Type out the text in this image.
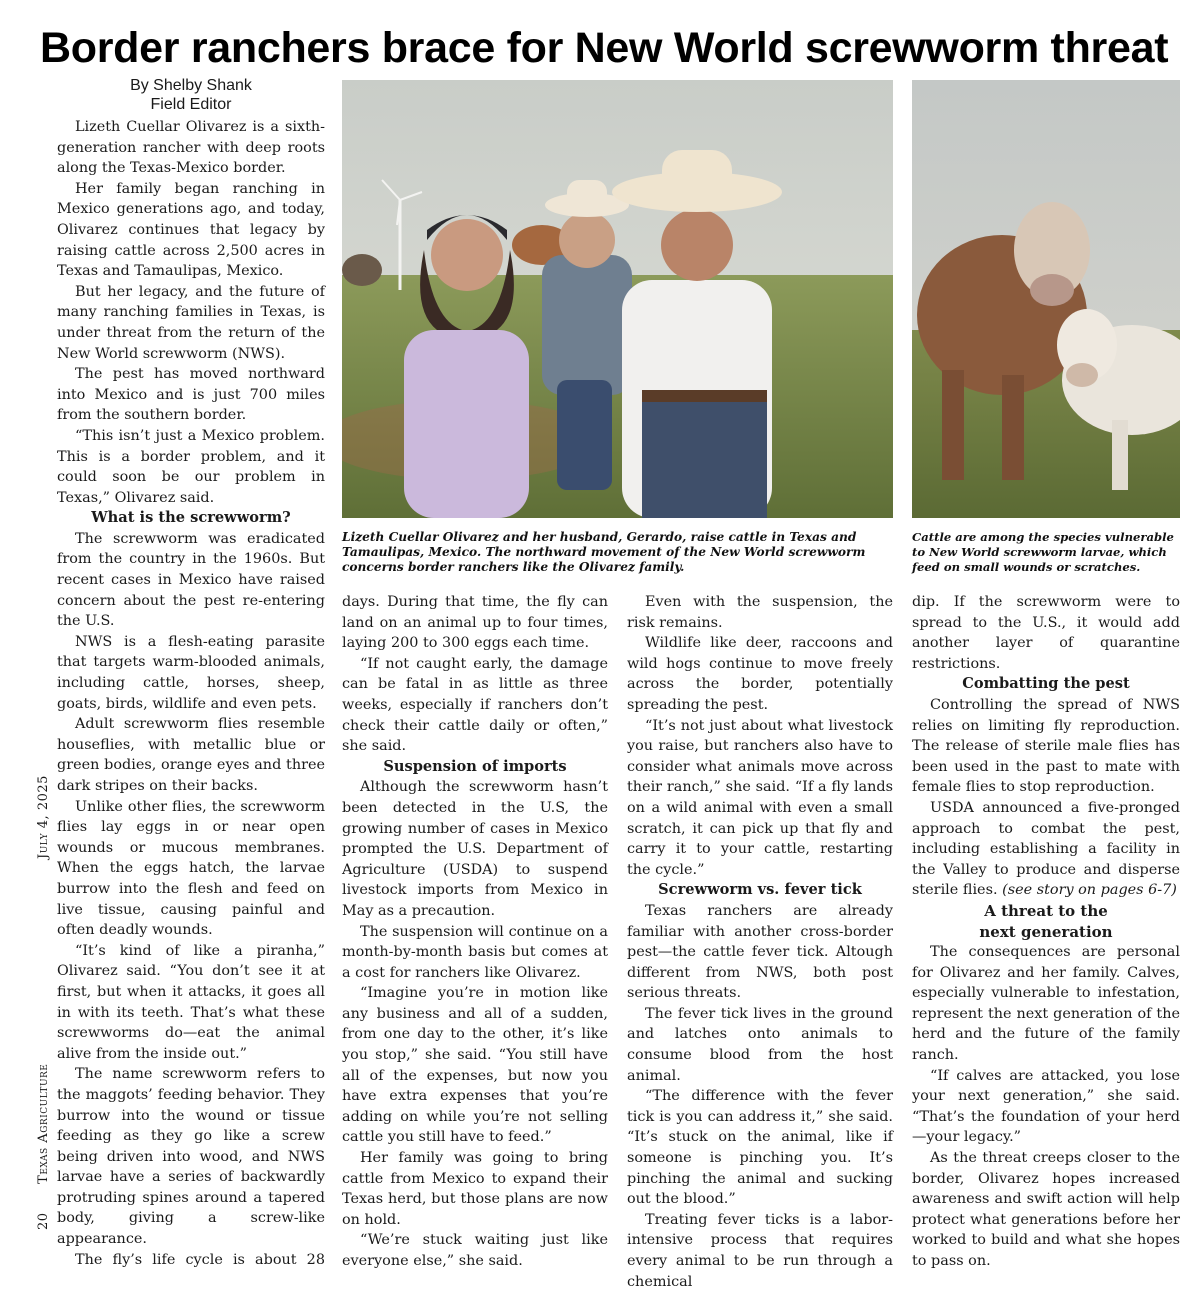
Border ranchers brace for New World screwworm threat
By Shelby Shank
Field Editor
Lizeth Cuellar Olivarez and her husband, Gerardo, raise cattle in Texas and Tamaulipas, Mexico. The northward movement of the New World screwworm concerns border ranchers like the Olivarez family.
Cattle are among the species vulnerable to New World screwworm larvae, which feed on small wounds or scratches.

Lizeth Cuellar Olivarez is a sixth-generation rancher with deep roots along the Texas-Mexico border.

Her family began ranching in Mexico generations ago, and today, Olivarez continues that legacy by raising cattle across 2,500 acres in Texas and Tamaulipas, Mexico.

But her legacy, and the future of many ranching families in Texas, is under threat from the return of the New World screwworm (NWS).

The pest has moved northward into Mexico and is just 700 miles from the southern border.

“This isn’t just a Mexico problem. This is a border problem, and it could soon be our problem in Texas,” Olivarez said.

What is the screwworm?

The screwworm was eradicated from the country in the 1960s. But recent cases in Mexico have raised concern about the pest re-entering the U.S.

NWS is a flesh-eating parasite that targets warm-blooded animals, including cattle, horses, sheep, goats, birds, wildlife and even pets.

Adult screwworm flies resemble houseflies, with metallic blue or green bodies, orange eyes and three dark stripes on their backs.

Unlike other flies, the screwworm flies lay eggs in or near open wounds or mucous membranes. When the eggs hatch, the larvae burrow into the flesh and feed on live tissue, causing painful and often deadly wounds.

“It’s kind of like a piranha,” Olivarez said. “You don’t see it at first, but when it attacks, it goes all in with its teeth. That’s what these screwworms do—eat the animal alive from the inside out.”

The name screwworm refers to the maggots’ feeding behavior. They burrow into the wound or tissue feeding as they go like a screw being driven into wood, and NWS larvae have a series of backwardly protruding spines around a tapered body, giving a screw-like appearance.

The fly’s life cycle is about 28

days. During that time, the fly can land on an animal up to four times, laying 200 to 300 eggs each time.

“If not caught early, the damage can be fatal in as little as three weeks, especially if ranchers don’t check their cattle daily or often,” she said.

Suspension of imports

Although the screwworm hasn’t been detected in the U.S, the growing number of cases in Mexico prompted the U.S. Department of Agriculture (USDA) to suspend livestock imports from Mexico in May as a precaution.

The suspension will continue on a month-by-month basis but comes at a cost for ranchers like Olivarez.

“Imagine you’re in motion like any business and all of a sudden, from one day to the other, it’s like you stop,” she said. “You still have all of the expenses, but now you have extra expenses that you’re adding on while you’re not selling cattle you still have to feed.”

Her family was going to bring cattle from Mexico to expand their Texas herd, but those plans are now on hold.

“We’re stuck waiting just like everyone else,” she said.

Even with the suspension, the risk remains.

Wildlife like deer, raccoons and wild hogs continue to move freely across the border, potentially spreading the pest.

“It’s not just about what livestock you raise, but ranchers also have to consider what animals move across their ranch,” she said. “If a fly lands on a wild animal with even a small scratch, it can pick up that fly and carry it to your cattle, restarting the cycle.”

Screwworm vs. fever tick

Texas ranchers are already familiar with another cross-border pest—the cattle fever tick. Altough different from NWS, both post serious threats.

The fever tick lives in the ground and latches onto animals to consume blood from the host animal.

“The difference with the fever tick is you can address it,” she said. “It’s stuck on the animal, like if someone is pinching you. It’s pinching the animal and sucking out the blood.”

Treating fever ticks is a labor-intensive process that requires every animal to be run through a chemical

dip. If the screwworm were to spread to the U.S., it would add another layer of quarantine restrictions.

Combatting the pest

Controlling the spread of NWS relies on limiting fly reproduction. The release of sterile male flies has been used in the past to mate with female flies to stop reproduction.

USDA announced a five-pronged approach to combat the pest, including establishing a facility in the Valley to produce and disperse sterile flies. (see story on pages 6-7)

A threat to the
next generation

The consequences are personal for Olivarez and her family. Calves, especially vulnerable to infestation, represent the next generation of the herd and the future of the family ranch.

“If calves are attacked, you lose your next generation,” she said. “That’s the foundation of your herd—your legacy.”

As the threat creeps closer to the border, Olivarez hopes increased awareness and swift action will help protect what generations before her worked to build and what she hopes to pass on.

20 Texas Agriculture July 4, 2025
